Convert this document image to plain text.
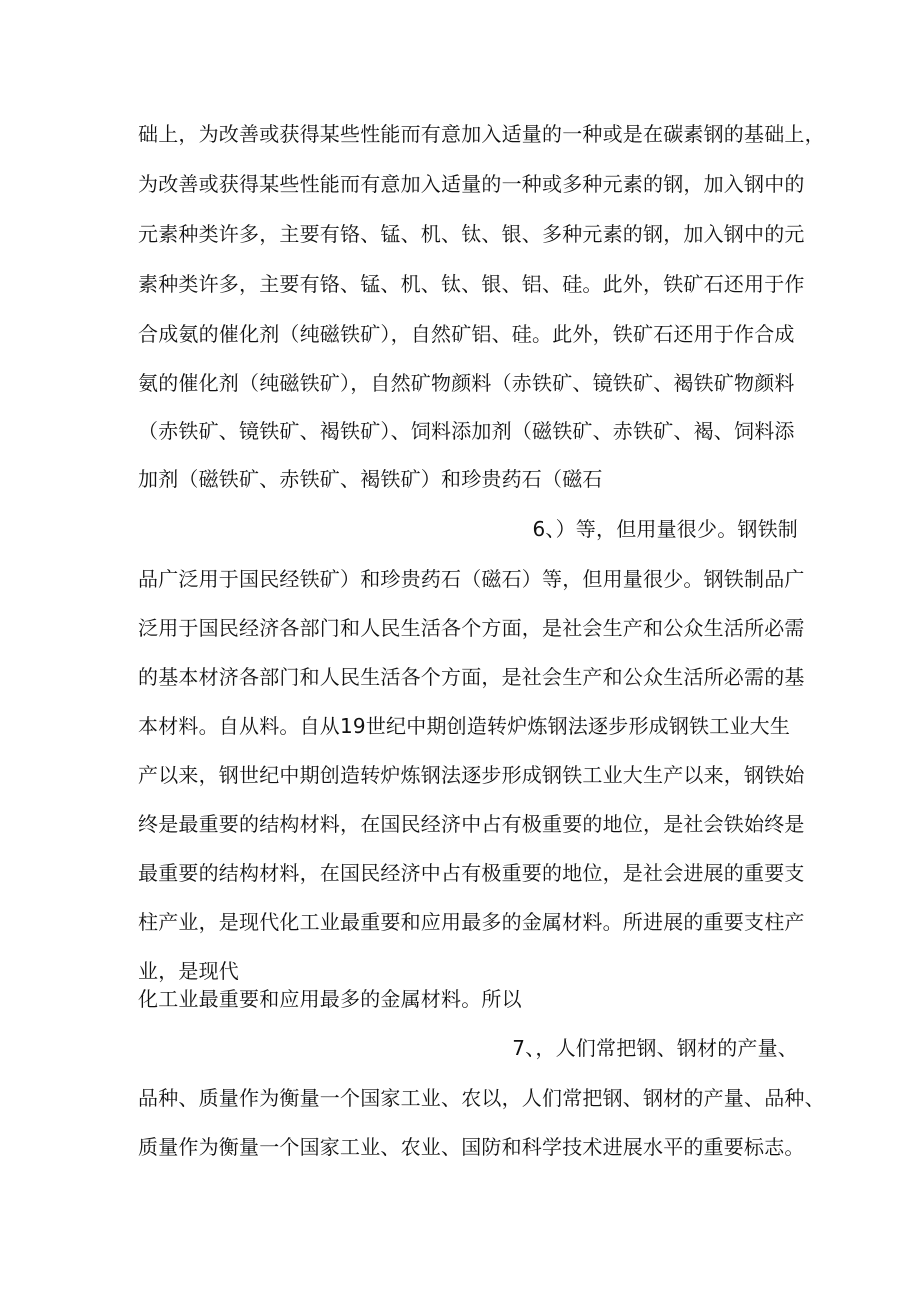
础上，为改善或获得某些性能而有意加入适量的一种或是在碳素钢的基础上，
为改善或获得某些性能而有意加入适量的一种或多种元素的钢，加入钢中的
元素种类许多，主要有铬、锰、机、钛、银、多种元素的钢，加入钢中的元
素种类许多，主要有铬、锰、机、钛、银、铝、硅。此外，铁矿石还用于作
合成氨的催化剂（纯磁铁矿），自然矿铝、硅。此外，铁矿石还用于作合成
氨的催化剂（纯磁铁矿），自然矿物颜料（赤铁矿、镜铁矿、褐铁矿物颜料
（赤铁矿、镜铁矿、褐铁矿）、饲料添加剂（磁铁矿、赤铁矿、褐、饲料添
加剂（磁铁矿、赤铁矿、褐铁矿）和珍贵药石（磁石
6、）等，但用量很少。钢铁制
品广泛用于国民经铁矿）和珍贵药石（磁石）等，但用量很少。钢铁制品广
泛用于国民经济各部门和人民生活各个方面，是社会生产和公众生活所必需
的基本材济各部门和人民生活各个方面，是社会生产和公众生活所必需的基
本材料。自从料。自从19世纪中期创造转炉炼钢法逐步形成钢铁工业大生
产以来，钢世纪中期创造转炉炼钢法逐步形成钢铁工业大生产以来，钢铁始
终是最重要的结构材料，在国民经济中占有极重要的地位，是社会铁始终是
最重要的结构材料，在国民经济中占有极重要的地位，是社会进展的重要支
柱产业，是现代化工业最重要和应用最多的金属材料。所进展的重要支柱产
业，是现代
化工业最重要和应用最多的金属材料。所以
7、，人们常把钢、钢材的产量、
品种、质量作为衡量一个国家工业、农以，人们常把钢、钢材的产量、品种、
质量作为衡量一个国家工业、农业、国防和科学技术进展水平的重要标志。
